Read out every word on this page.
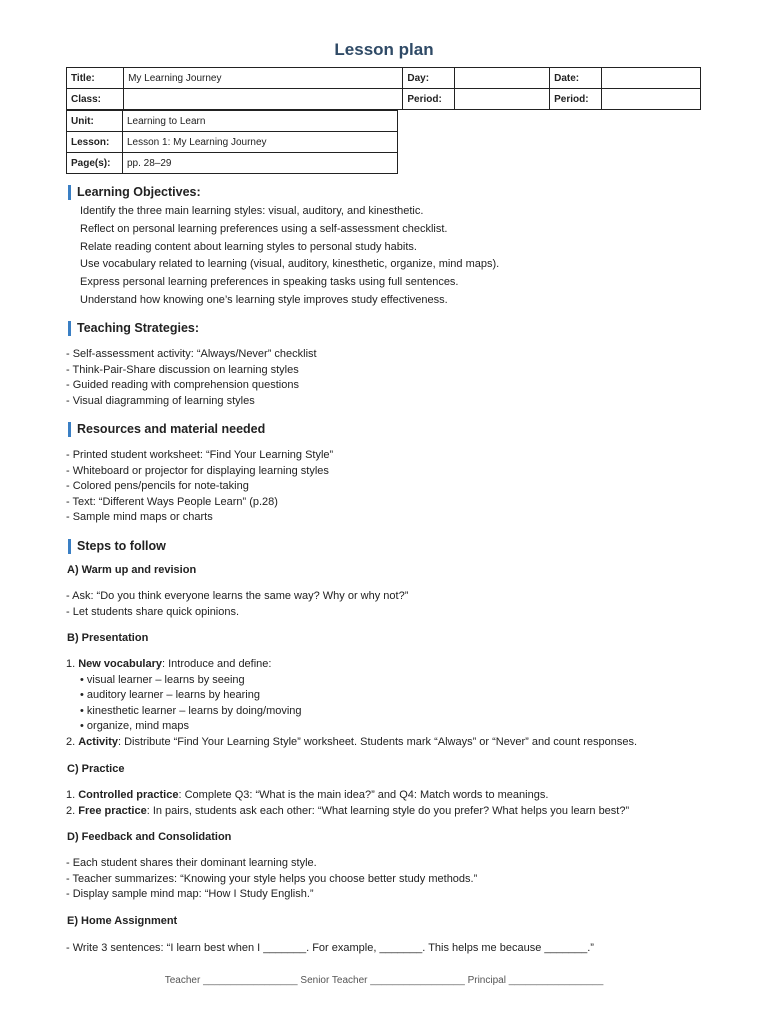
Lesson plan
Title:	My Learning Journey	Day:		Date:	
Class:		Period:		Period:	
Unit:	Learning to Learn
Lesson:	Lesson 1: My Learning Journey
Page(s):	pp. 28–29
Learning Objectives:
Identify the three main learning styles: visual, auditory, and kinesthetic.
Reflect on personal learning preferences using a self-assessment checklist.
Relate reading content about learning styles to personal study habits.
Use vocabulary related to learning (visual, auditory, kinesthetic, organize, mind maps).
Express personal learning preferences in speaking tasks using full sentences.
Understand how knowing one’s learning style improves study effectiveness.
Teaching Strategies:
- Self-assessment activity: “Always/Never” checklist
- Think-Pair-Share discussion on learning styles
- Guided reading with comprehension questions
- Visual diagramming of learning styles
Resources and material needed
- Printed student worksheet: “Find Your Learning Style”
- Whiteboard or projector for displaying learning styles
- Colored pens/pencils for note-taking
- Text: “Different Ways People Learn” (p.28)
- Sample mind maps or charts
Steps to follow
A) Warm up and revision
- Ask: “Do you think everyone learns the same way? Why or why not?”
- Let students share quick opinions.
B) Presentation
1. New vocabulary: Introduce and define:
• visual learner – learns by seeing
• auditory learner – learns by hearing
• kinesthetic learner – learns by doing/moving
• organize, mind maps
2. Activity: Distribute “Find Your Learning Style” worksheet. Students mark “Always” or “Never” and count responses.
C) Practice
1. Controlled practice: Complete Q3: “What is the main idea?” and Q4: Match words to meanings.
2. Free practice: In pairs, students ask each other: “What learning style do you prefer? What helps you learn best?”
D) Feedback and Consolidation
- Each student shares their dominant learning style.
- Teacher summarizes: “Knowing your style helps you choose better study methods.”
- Display sample mind map: “How I Study English.”
E) Home Assignment
- Write 3 sentences: “I learn best when I _______. For example, _______. This helps me because _______.”
Teacher _________________ Senior Teacher _________________ Principal _________________
